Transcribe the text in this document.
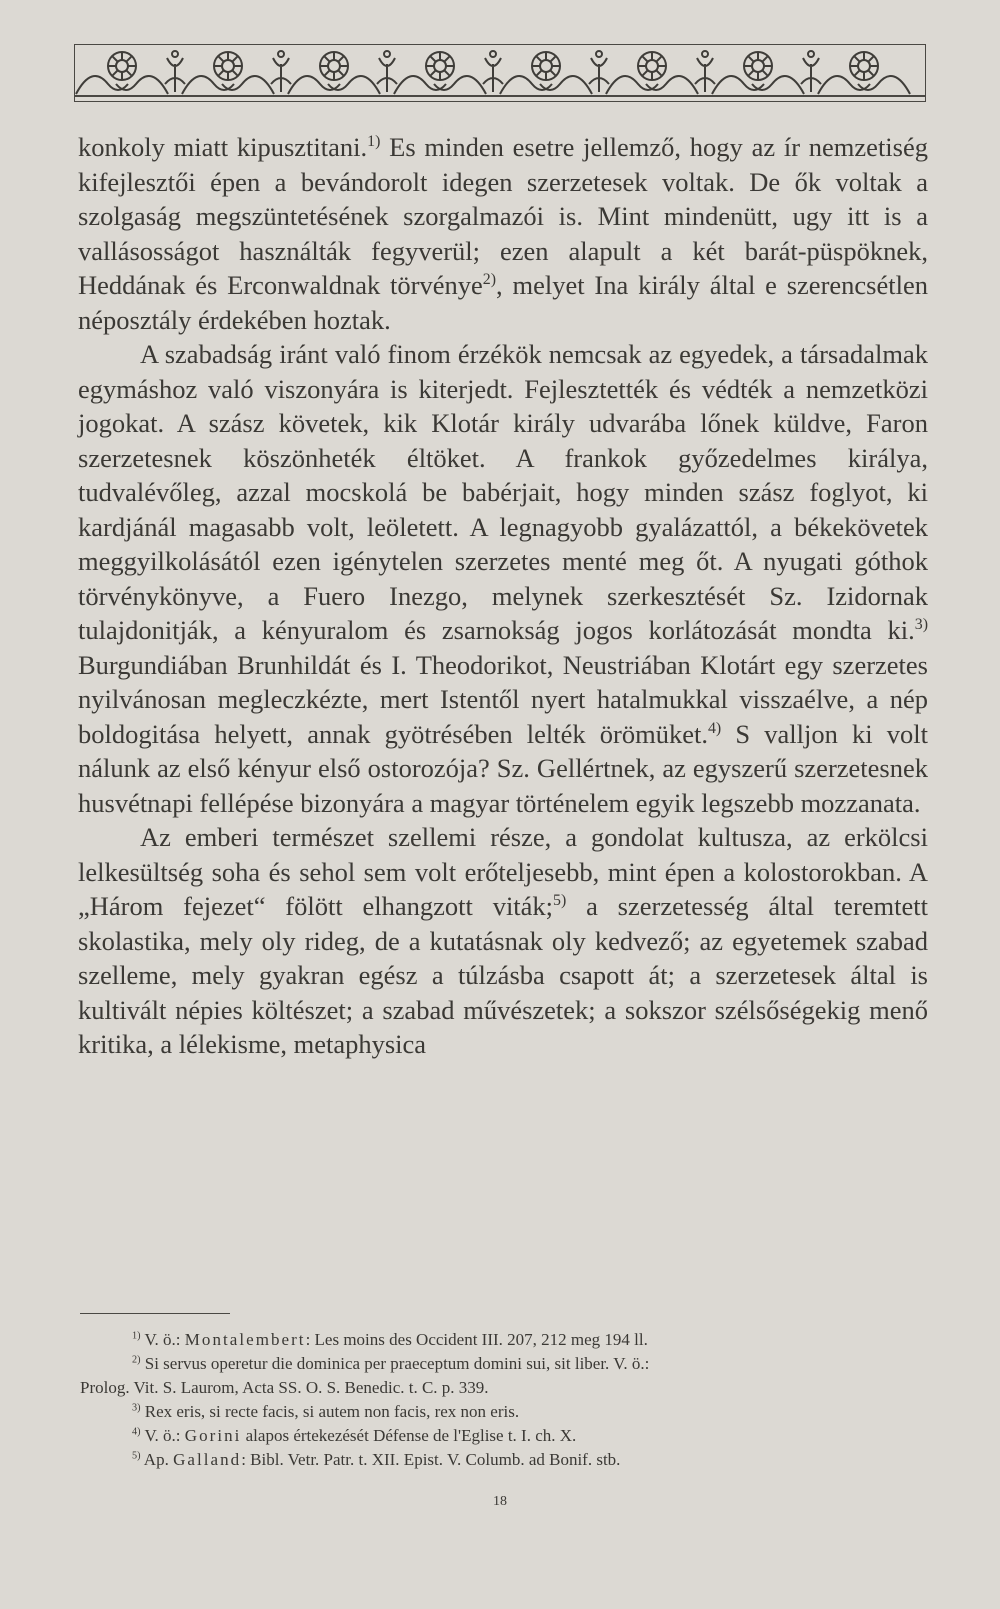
konkoly miatt kipusztitani.$^{1)}$ Es minden esetre jellemző, hogy az ír nemzetiség kifejlesztői épen a bevándorolt idegen szerzetesek voltak. De ők voltak a szolgaság megszüntetésének szorgalmazói is. Mint mindenütt, ugy itt is a vallásosságot használták fegyverül; ezen alapult a két barát-püspöknek, Heddának és Erconwaldnak törvénye$^{2)}$, melyet Ina király által e szerencsétlen néposztály érdekében hoztak.

A szabadság iránt való finom érzékök nemcsak az egyedek, a társadalmak egymáshoz való viszonyára is kiterjedt. Fejlesztették és védték a nemzetközi jogokat. A szász követek, kik Klotár király udvarába lőnek küldve, Faron szerzetesnek köszönheték éltöket. A frankok győzedelmes királya, tudvalévőleg, azzal mocskolá be babérjait, hogy minden szász foglyot, ki kardjánál magasabb volt, leöletett. A legnagyobb gyalázattól, a békekövetek meggyilkolásától ezen igénytelen szerzetes menté meg őt. A nyugati góthok törvénykönyve, a Fuero Inezgo, melynek szerkesztését Sz. Izidornak tulajdonitják, a kényuralom és zsarnokság jogos korlátozását mondta ki.$^{3)}$ Burgundiában Brunhildát és I. Theodorikot, Neustriában Klotárt egy szerzetes nyilvánosan megleczkézte, mert Istentől nyert hatalmukkal visszaélve, a nép boldogitása helyett, annak gyötrésében lelték örömüket.$^{4)}$ S valljon ki volt nálunk az első kényur első ostorozója? Sz. Gellértnek, az egyszerű szerzetesnek husvétnapi fellépése bizonyára a magyar történelem egyik legszebb mozzanata.

Az emberi természet szellemi része, a gondolat kultusza, az erkölcsi lelkesültség soha és sehol sem volt erőteljesebb, mint épen a kolostorokban. A „Három fejezet“ fölött elhangzott viták;$^{5)}$ a szerzetesség által teremtett skolastika, mely oly rideg, de a kutatásnak oly kedvező; az egyetemek szabad szelleme, mely gyakran egész a túlzásba csapott át; a szerzetesek által is kultivált népies költészet; a szabad művészetek; a sokszor szélsőségekig menő kritika, a lélekisme, metaphysica

$^{1)}$ V. ö.: Montalembert: Les moins des Occident III. 207, 212 meg 194 ll.
$^{2)}$ Si servus operetur die dominica per praeceptum domini sui, sit liber. V. ö.:
Prolog. Vit. S. Laurom, Acta SS. O. S. Benedic. t. C. p. 339.
$^{3)}$ Rex eris, si recte facis, si autem non facis, rex non eris.
$^{4)}$ V. ö.: Gorini alapos értekezését Défense de l'Eglise t. I. ch. X.
$^{5)}$ Ap. Galland: Bibl. Vetr. Patr. t. XII. Epist. V. Columb. ad Bonif. stb.
18
